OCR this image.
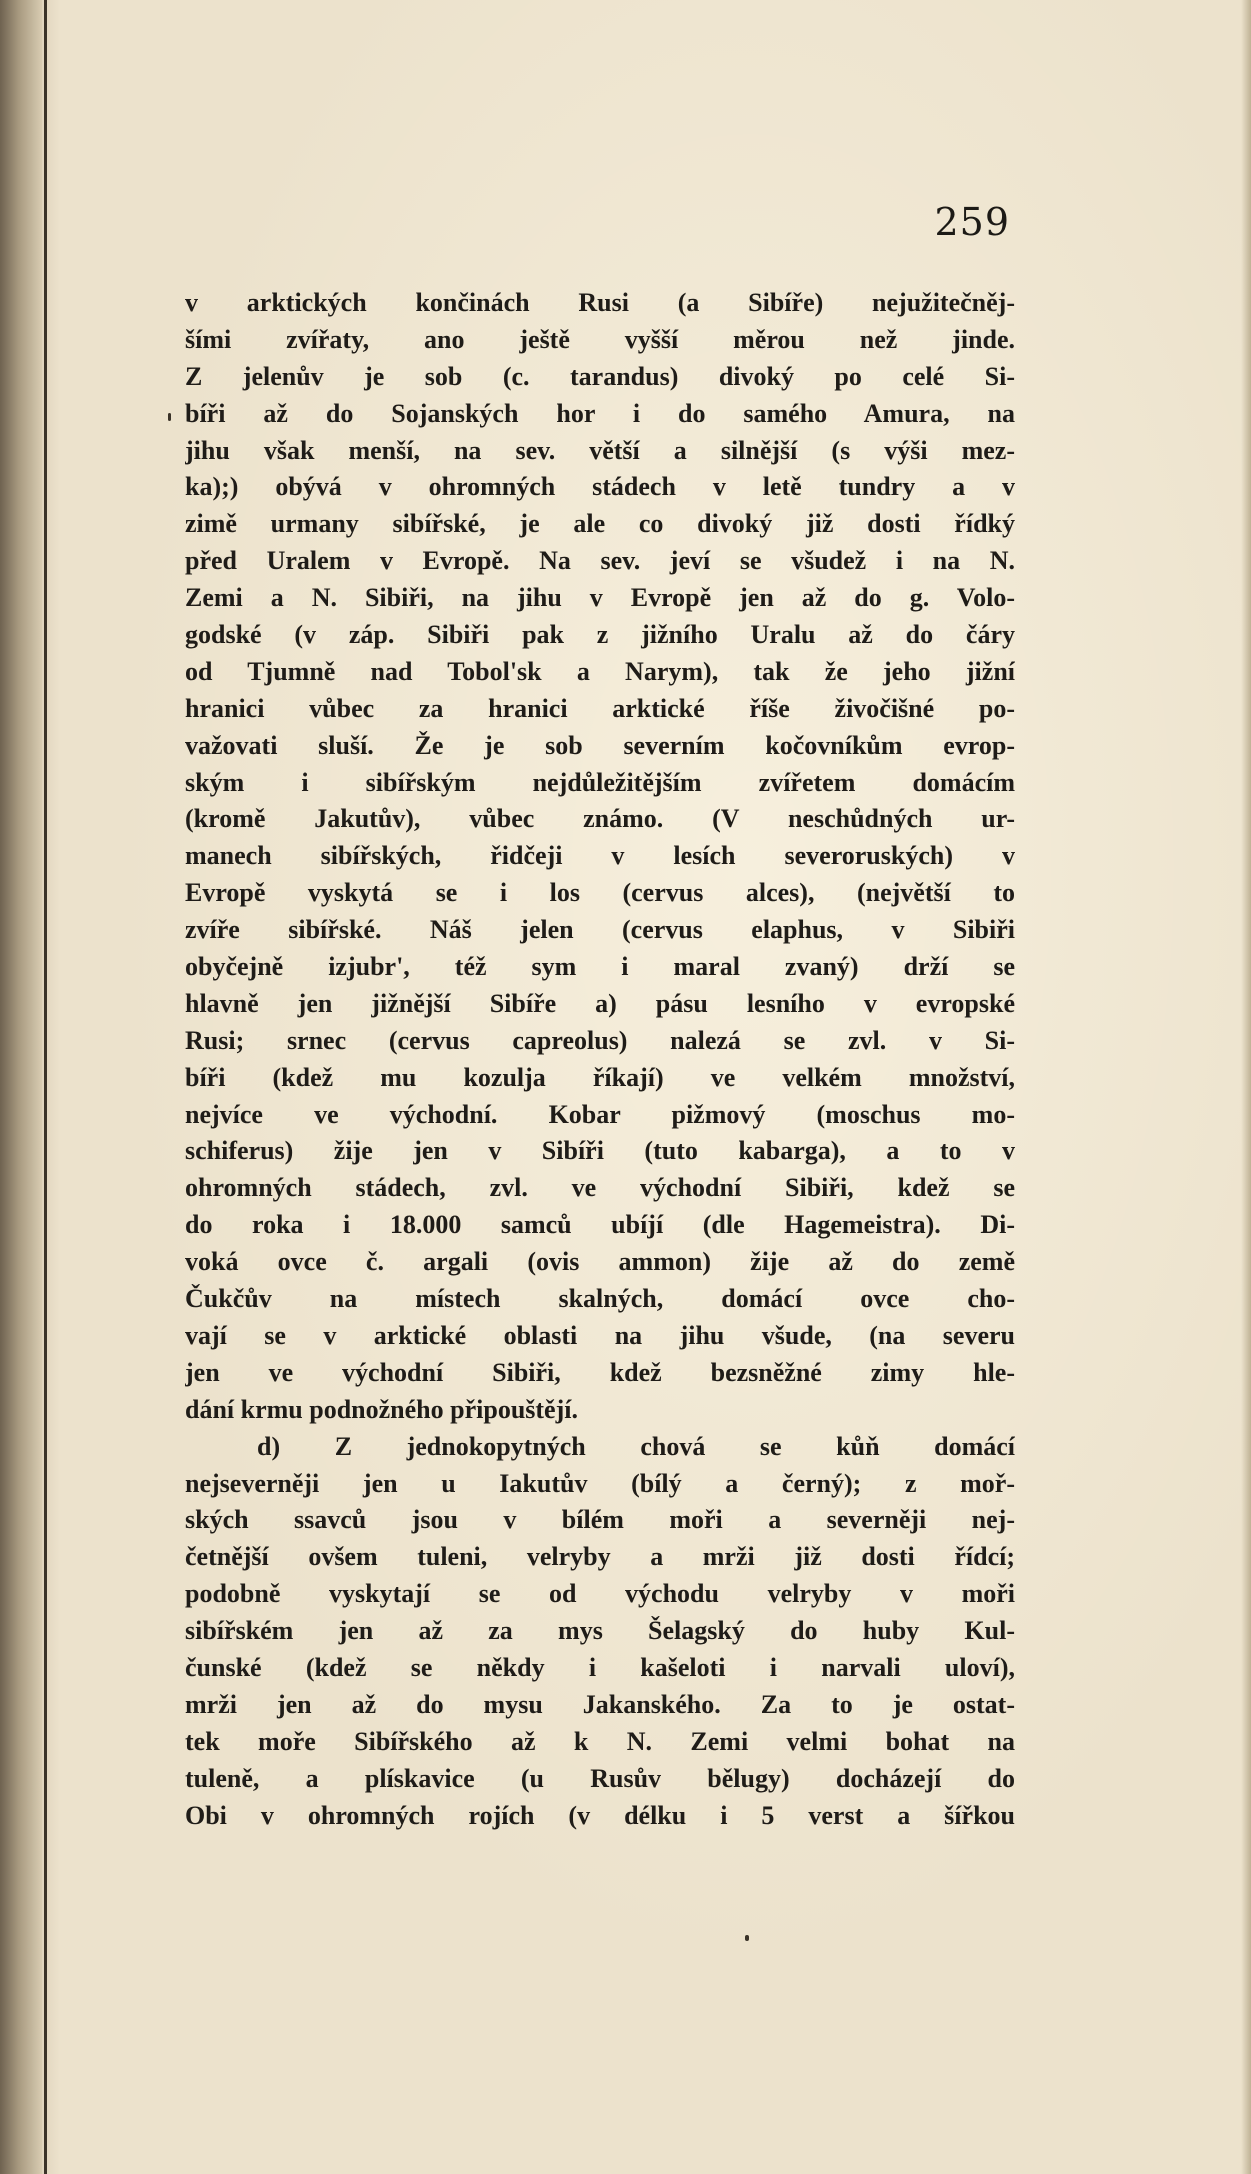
259
v arktických končinách Rusi (a Sibíře) nejužitečněj-
šími zvířaty, ano ještě vyšší měrou než jinde.
Z jelenův je sob (c. tarandus) divoký po celé Si-
bíři až do Sojanských hor i do samého Amura, na
jihu však menší, na sev. větší a silnější (s výši mez-
ka);) obývá v ohromných stádech v letě tundry a v
zimě urmany sibířské, je ale co divoký již dosti řídký
před Uralem v Evropě. Na sev. jeví se všudež i na N.
Zemi a N. Sibiři, na jihu v Evropě jen až do g. Volo-
godské (v záp. Sibiři pak z jižního Uralu až do čáry
od Tjumně nad Tobol'sk a Narym), tak že jeho jižní
hranici vůbec za hranici arktické říše živočišné po-
važovati sluší. Že je sob severním kočovníkům evrop-
ským i sibířským nejdůležitějším zvířetem domácím
(kromě Jakutův), vůbec známo. (V neschůdných ur-
manech sibířských, řidčeji v lesích severoruských) v
Evropě vyskytá se i los (cervus alces), (největší to
zvíře sibířské. Náš jelen (cervus elaphus, v Sibiři
obyčejně izjubr', též sym i maral zvaný) drží se
hlavně jen jižnější Sibíře a) pásu lesního v evropské
Rusi; srnec (cervus capreolus) nalezá se zvl. v Si-
bíři (kdež mu kozulja říkají) ve velkém množství,
nejvíce ve východní. Kobar pižmový (moschus mo-
schiferus) žije jen v Sibíři (tuto kabarga), a to v
ohromných stádech, zvl. ve východní Sibiři, kdež se
do roka i 18.000 samců ubíjí (dle Hagemeistra). Di-
voká ovce č. argali (ovis ammon) žije až do země
Čukčův na místech skalných, domácí ovce cho-
vají se v arktické oblasti na jihu všude, (na severu
jen ve východní Sibiři, kdež bezsněžné zimy hle-
dání krmu podnožného připouštějí.
d) Z jednokopytných chová se kůň domácí
nejseverněji jen u Iakutův (bílý a černý); z moř-
ských ssavců jsou v bílém moři a severněji nej-
četnější ovšem tuleni, velryby a mrži již dosti řídcí;
podobně vyskytají se od východu velryby v moři
sibířském jen až za mys Šelagský do huby Kul-
čunské (kdež se někdy i kašeloti i narvali uloví),
mrži jen až do mysu Jakanského. Za to je ostat-
tek moře Sibířského až k N. Zemi velmi bohat na
tuleně, a plískavice (u Rusův bělugy) docházejí do
Obi v ohromných rojích (v délku i 5 verst a šířkou
